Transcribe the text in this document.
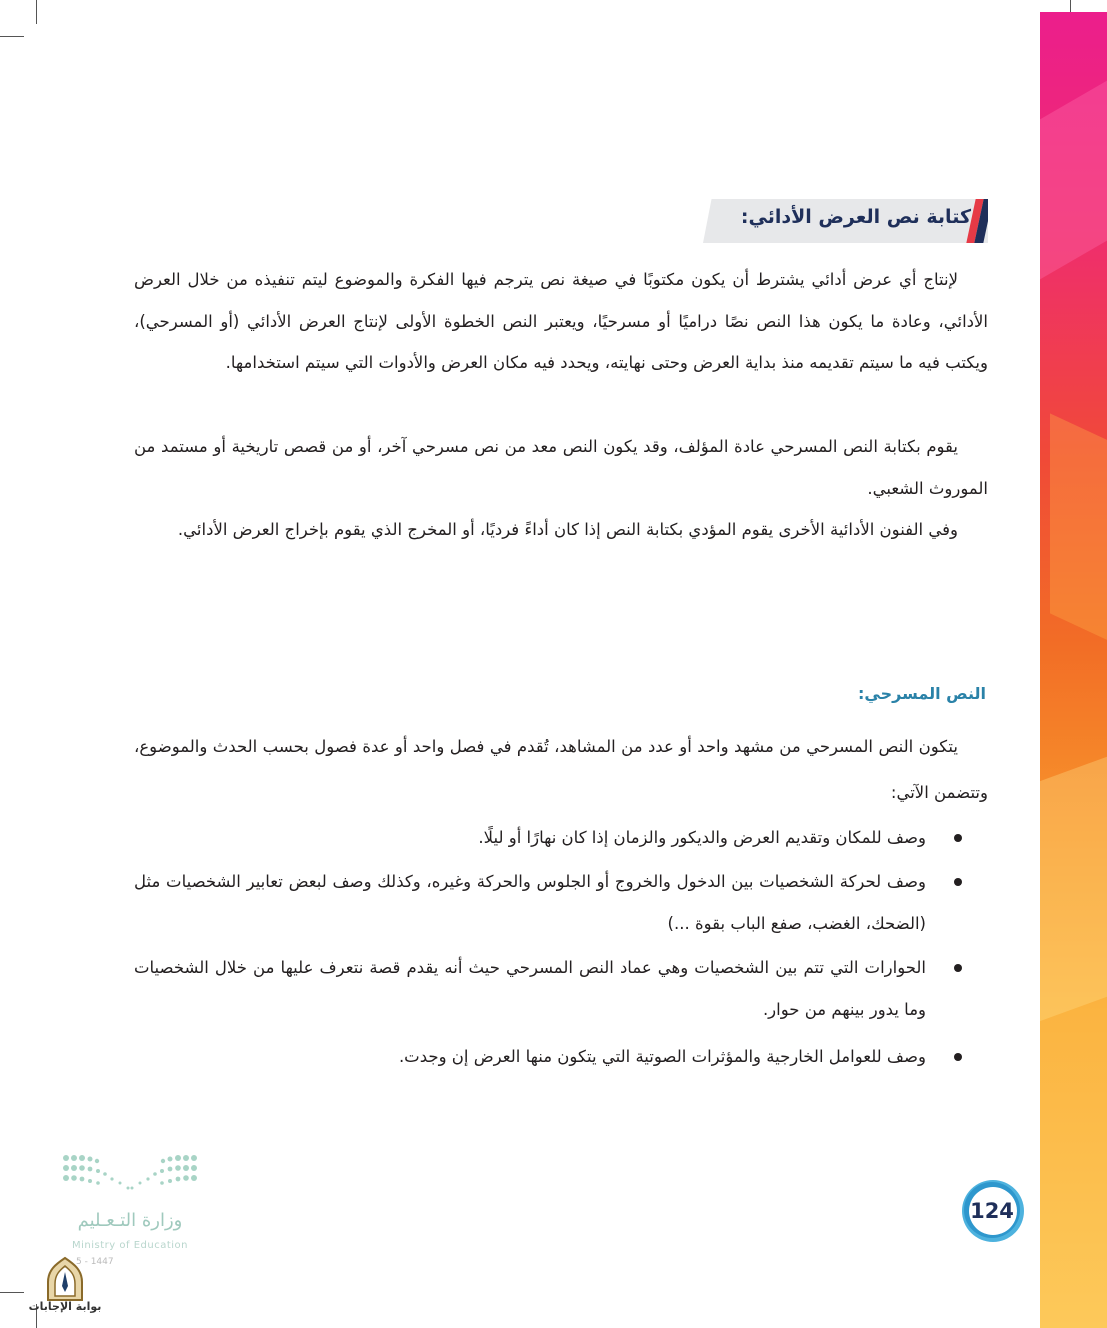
كتابة نص العرض الأدائي:
لإنتاج أي عرض أدائي يشترط أن يكون مكتوبًا في صيغة نص يترجم فيها الفكرة والموضوع ليتم تنفيذه من خلال العرض الأدائي، وعادة ما يكون هذا النص نصًا دراميًا أو مسرحيًا، ويعتبر النص الخطوة الأولى لإنتاج العرض الأدائي (أو المسرحي)، ويكتب فيه ما سيتم تقديمه منذ بداية العرض وحتى نهايته، ويحدد فيه مكان العرض والأدوات التي سيتم استخدامها.
يقوم بكتابة النص المسرحي عادة المؤلف، وقد يكون النص معد من نص مسرحي آخر، أو من قصص تاريخية أو مستمد من الموروث الشعبي.
وفي الفنون الأدائية الأخرى يقوم المؤدي بكتابة النص إذا كان أداءً فرديًا، أو المخرج الذي يقوم بإخراج العرض الأدائي.
النص المسرحي:
يتكون النص المسرحي من مشهد واحد أو عدد من المشاهد، تُقدم في فصل واحد أو عدة فصول بحسب الحدث والموضوع، وتتضمن الآتي:
وصف للمكان وتقديم العرض والديكور والزمان إذا كان نهارًا أو ليلًا.
وصف لحركة الشخصيات بين الدخول والخروج أو الجلوس والحركة وغيره، وكذلك وصف لبعض تعابير الشخصيات مثل (الضحك، الغضب، صفع الباب بقوة ...)
الحوارات التي تتم بين الشخصيات وهي عماد النص المسرحي حيث أنه يقدم قصة نتعرف عليها من خلال الشخصيات وما يدور بينهم من حوار.
وصف للعوامل الخارجية والمؤثرات الصوتية التي يتكون منها العرض إن وجدت.
124
وزارة التـعـليم
Ministry of Education
5 - 1447
بوابة الإجابات
